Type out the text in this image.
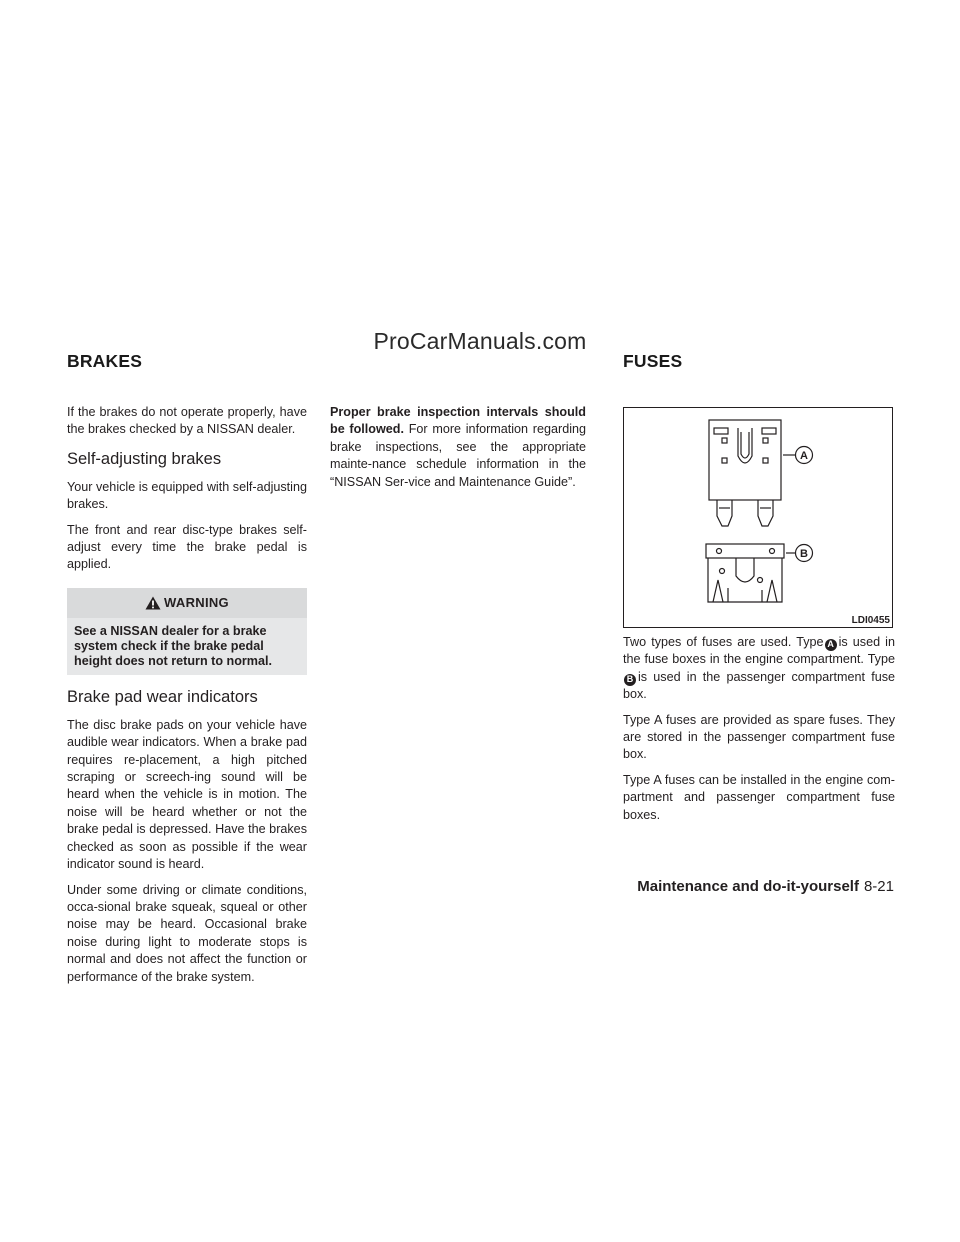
ProCarManuals.com
BRAKES	FUSES

If the brakes do not operate properly, have the brakes checked by a NISSAN dealer.

Self-adjusting brakes

Your vehicle is equipped with self-adjusting brakes.

The front and rear disc-type brakes self-adjust every time the brake pedal is applied.

WARNING
See a NISSAN dealer for a brake system check if the brake pedal height does not return to normal.
Brake pad wear indicators

The disc brake pads on your vehicle have audible wear indicators. When a brake pad requires re-placement, a high pitched scraping or screech-ing sound will be heard when the vehicle is in motion. The noise will be heard whether or not the brake pedal is depressed. Have the brakes checked as soon as possible if the wear indicator sound is heard.

Under some driving or climate conditions, occa-sional brake squeak, squeal or other noise may be heard. Occasional brake noise during light to moderate stops is normal and does not affect the function or performance of the brake system.

Proper brake inspection intervals should be followed. For more information regarding brake inspections, see the appropriate mainte-nance schedule information in the “NISSAN Ser-vice and Maintenance Guide”.

A
B
LDI0455

Two types of fuses are used. Type A is used in the fuse boxes in the engine compartment. TypeB is used in the passenger compartment fuse box.

Type A fuses are provided as spare fuses. They are stored in the passenger compartment fuse box.

Type A fuses can be installed in the engine com-partment and passenger compartment fuse boxes.

Maintenance and do-it-yourself 8-21
